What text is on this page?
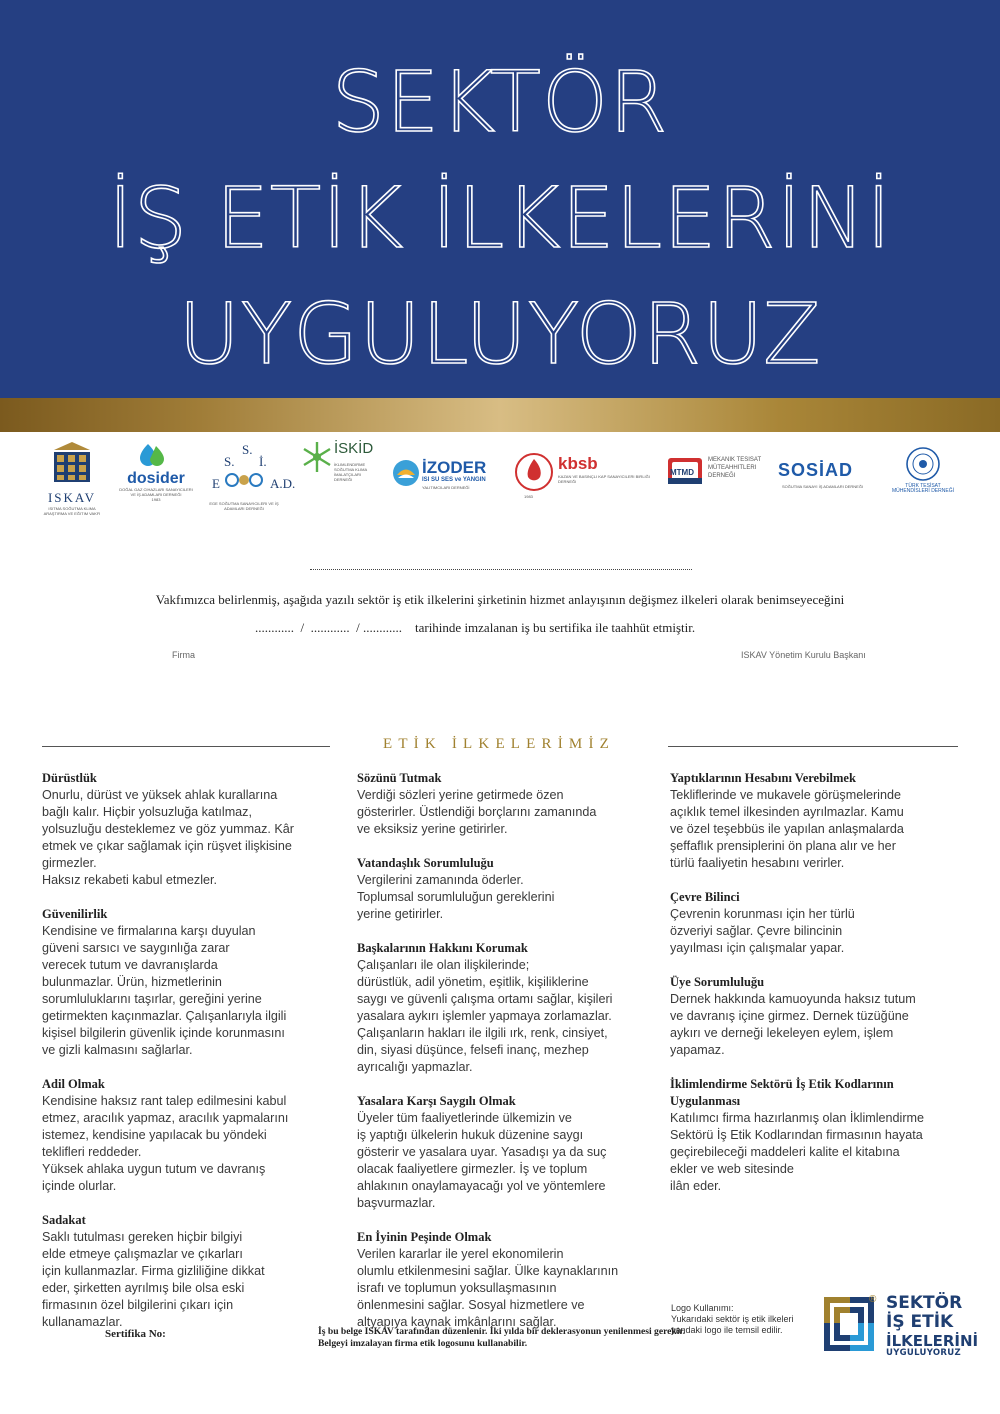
SEKTÖR
İŞ ETİK İLKELERİNİ
UYGULUYORUZ
ISKAV
ISITMA SOĞUTMA KLIMA ARAŞTIRMA VE EĞITIM VAKFI
dosider
DOĞAL GAZ CIHAZLARI SANAYICILERI VE İŞ ADAMLARI DERNEĞI
1983
E
S.
S.
İ.
A.D.
EGE SOĞUTMA SANAYICILERI VE İŞ ADAMLARI DERNEĞI
İSKİD
İKLIMLENDIRME SOĞUTMA KLIMA İMALATÇILARI DERNEĞI
İZODER
ISI SU SES ve YANGIN
YALITIMCILARI DERNEĞİ
kbsb
KAZAN VE BASINÇLI KAP SANAYICILERI BIRLIĞI DERNEĞI
1983
MTMD
MEKANIK TESISAT MÜTEAHHITLERI DERNEĞI	SOSİAD
SOĞUTMA SANAYI İŞ ADAMLARI DERNEĞI	TÜRK TESİSAT MÜHENDİSLERİ DERNEĞİ
Vakfımızca belirlenmiş, aşağıda yazılı sektör iş etik ilkelerini şirketinin hizmet anlayışının değişmez ilkeleri olarak benimseyeceğini
............  /  ............  / ............ tarihinde imzalanan iş bu sertifika ile taahhüt etmiştir.
Firma	ISKAV Yönetim Kurulu Başkanı
ETİK İLKELERİMİZ
Dürüstlük

Onurlu, dürüst ve yüksek ahlak kurallarına
bağlı kalır. Hiçbir yolsuzluğa katılmaz,
yolsuzluğu desteklemez ve göz yummaz. Kâr
etmek ve çıkar sağlamak için rüşvet ilişkisine
girmezler.
Haksız rekabeti kabul etmezler.

Güvenilirlik

Kendisine ve firmalarına karşı duyulan
güveni sarsıcı ve saygınlığa zarar
verecek tutum ve davranışlarda
bulunmazlar. Ürün, hizmetlerinin
sorumluluklarını taşırlar, gereğini yerine
getirmekten kaçınmazlar. Çalışanlarıyla ilgili
kişisel bilgilerin güvenlik içinde korunmasını
ve gizli kalmasını sağlarlar.

Adil Olmak

Kendisine haksız rant talep edilmesini kabul
etmez, aracılık yapmaz, aracılık yapmalarını
istemez, kendisine yapılacak bu yöndeki
teklifleri reddeder.
Yüksek ahlaka uygun tutum ve davranış
içinde olurlar.

Sadakat

Saklı tutulması gereken hiçbir bilgiyi
elde etmeye çalışmazlar ve çıkarları
için kullanmazlar. Firma gizliliğine dikkat
eder, şirketten ayrılmış bile olsa eski
firmasının özel bilgilerini çıkarı için
kullanamazlar.

Sözünü Tutmak

Verdiği sözleri yerine getirmede özen
gösterirler. Üstlendiği borçlarını zamanında
ve eksiksiz yerine getirirler.

Vatandaşlık Sorumluluğu

Vergilerini zamanında öderler.
Toplumsal sorumluluğun gereklerini
yerine getirirler.

Başkalarının Hakkını Korumak

Çalışanları ile olan ilişkilerinde;
dürüstlük, adil yönetim, eşitlik, kişiliklerine
saygı ve güvenli çalışma ortamı sağlar, kişileri
yasalara aykırı işlemler yapmaya zorlamazlar.
Çalışanların hakları ile ilgili ırk, renk, cinsiyet,
din, siyasi düşünce, felsefi inanç, mezhep
ayrıcalığı yapmazlar.

Yasalara Karşı Saygılı Olmak

Üyeler tüm faaliyetlerinde ülkemizin ve
iş yaptığı ülkelerin hukuk düzenine saygı
gösterir ve yasalara uyar. Yasadışı ya da suç
olacak faaliyetlere girmezler. İş ve toplum
ahlakının onaylamayacağı yol ve yöntemlere
başvurmazlar.

En İyinin Peşinde Olmak

Verilen kararlar ile yerel ekonomilerin
olumlu etkilenmesini sağlar. Ülke kaynaklarının
israfı ve toplumun yoksullaşmasının
önlenmesini sağlar. Sosyal hizmetlere ve
altyapıya kaynak imkânlarını sağlar.

Yaptıklarının Hesabını Verebilmek

Tekliflerinde ve mukavele görüşmelerinde
açıklık temel ilkesinden ayrılmazlar. Kamu
ve özel teşebbüs ile yapılan anlaşmalarda
şeffaflık prensiplerini ön plana alır ve her
türlü faaliyetin hesabını verirler.

Çevre Bilinci

Çevrenin korunması için her türlü
özveriyi sağlar. Çevre bilincinin
yayılması için çalışmalar yapar.

Üye Sorumluluğu

Dernek hakkında kamuoyunda haksız tutum
ve davranış içine girmez. Dernek tüzüğüne
aykırı ve derneği lekeleyen eylem, işlem
yapamaz.

İklimlendirme Sektörü İş Etik Kodlarının Uygulanması

Katılımcı firma hazırlanmış olan İklimlendirme
Sektörü İş Etik Kodlarından firmasının hayata
geçirebileceği maddeleri kalite el kitabına
ekler ve web sitesinde
ilân eder.

Logo Kullanımı:
Yukarıdaki sektör iş etik ilkeleri yandaki logo ile temsil edilir.
® SEKTÖR
İŞ ETİK
İLKELERİNİ
UYGULUYORUZ
Sertifika No:	İş bu belge ISKAV tarafından düzenlenir. İki yılda bir deklerasyonun yenilenmesi gerekir.
Belgeyi imzalayan firma etik logosunu kullanabilir.
